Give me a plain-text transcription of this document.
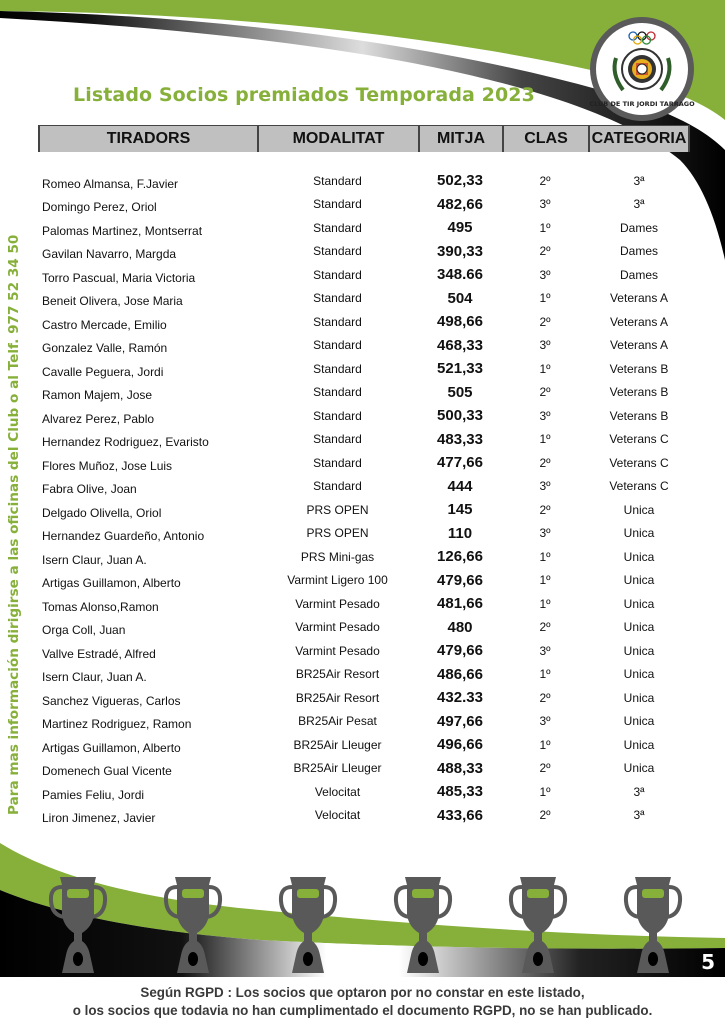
CLUB DE TIR JORDI TARRAGO
Listado Socios premiados Temporada 2023
Para mas información dirigirse a las oficinas del Club o al Telf. 977 52 34 50
TIRADORS	MODALITAT	MITJA	CLAS	CATEGORIA
Romeo Almansa, F.Javier	Standard	502,33	2º	3ª
Domingo Perez, Oriol	Standard	482,66	3º	3ª
Palomas Martinez, Montserrat	Standard	495	1º	Dames
Gavilan Navarro, Margda	Standard	390,33	2º	Dames
Torro Pascual, Maria Victoria	Standard	348.66	3º	Dames
Beneit Olivera, Jose Maria	Standard	504	1º	Veterans A
Castro Mercade, Emilio	Standard	498,66	2º	Veterans A
Gonzalez Valle, Ramón	Standard	468,33	3º	Veterans A
Cavalle Peguera, Jordi	Standard	521,33	1º	Veterans B
Ramon Majem, Jose	Standard	505	2º	Veterans B
Alvarez Perez, Pablo	Standard	500,33	3º	Veterans B
Hernandez Rodriguez, Evaristo	Standard	483,33	1º	Veterans C
Flores Muñoz, Jose Luis	Standard	477,66	2º	Veterans C
Fabra Olive, Joan	Standard	444	3º	Veterans C
Delgado Olivella, Oriol	PRS OPEN	145	2º	Unica
Hernandez Guardeño, Antonio	PRS OPEN	110	3º	Unica
Isern Claur, Juan A.	PRS Mini-gas	126,66	1º	Unica
Artigas Guillamon, Alberto	Varmint Ligero 100	479,66	1º	Unica
Tomas Alonso,Ramon	Varmint Pesado	481,66	1º	Unica
Orga Coll, Juan	Varmint Pesado	480	2º	Unica
Vallve Estradé, Alfred	Varmint Pesado	479,66	3º	Unica
Isern Claur, Juan A.	BR25Air Resort	486,66	1º	Unica
Sanchez Vigueras, Carlos	BR25Air Resort	432.33	2º	Unica
Martinez Rodriguez, Ramon	BR25Air Pesat	497,66	3º	Unica
Artigas Guillamon, Alberto	BR25Air Lleuger	496,66	1º	Unica
Domenech Gual Vicente	BR25Air Lleuger	488,33	2º	Unica
Pamies Feliu, Jordi	Velocitat	485,33	1º	3ª
Liron Jimenez, Javier	Velocitat	433,66	2º	3ª
5
Según RGPD : Los socios que optaron por no constar en este listado,
o los socios que todavia no han cumplimentado el documento RGPD, no se han publicado.
